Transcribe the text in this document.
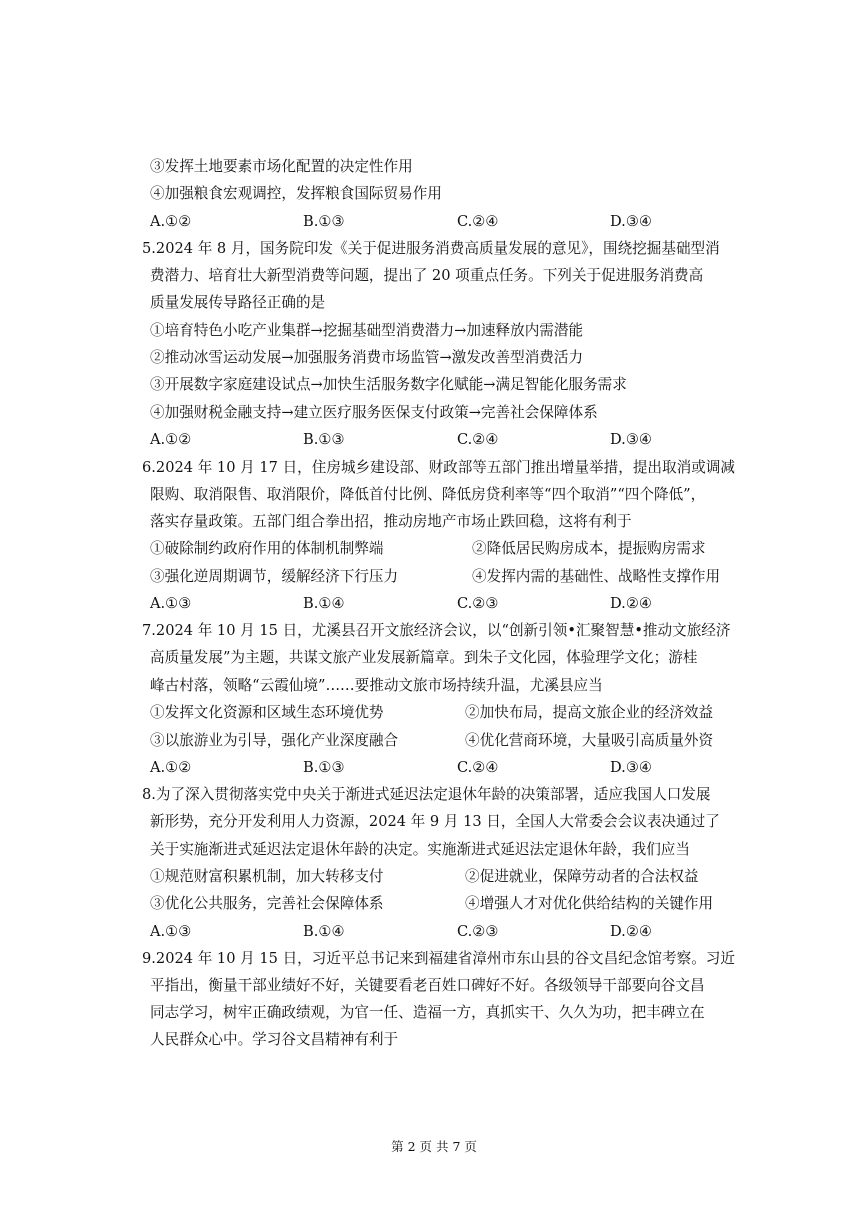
③发挥土地要素市场化配置的决定性作用
④加强粮食宏观调控，发挥粮食国际贸易作用
A.①②	B.①③	C.②④	D.③④
5.2024 年 8 月，国务院印发《关于促进服务消费高质量发展的意见》，围绕挖掘基础型消
费潜力、培育壮大新型消费等问题，提出了 20 项重点任务。下列关于促进服务消费高
质量发展传导路径正确的是
①培育特色小吃产业集群→挖掘基础型消费潜力→加速释放内需潜能
②推动冰雪运动发展→加强服务消费市场监管→激发改善型消费活力
③开展数字家庭建设试点→加快生活服务数字化赋能→满足智能化服务需求
④加强财税金融支持→建立医疗服务医保支付政策→完善社会保障体系
A.①②	B.①③	C.②④	D.③④
6.2024 年 10 月 17 日，住房城乡建设部、财政部等五部门推出增量举措，提出取消或调减
限购、取消限售、取消限价，降低首付比例、降低房贷利率等“四个取消”“四个降低”，
落实存量政策。五部门组合拳出招，推动房地产市场止跌回稳，这将有利于
①破除制约政府作用的体制机制弊端	②降低居民购房成本，提振购房需求
③强化逆周期调节，缓解经济下行压力	④发挥内需的基础性、战略性支撑作用
A.①③	B.①④	C.②③	D.②④
7.2024 年 10 月 15 日，尤溪县召开文旅经济会议，以“创新引领•汇聚智慧•推动文旅经济
高质量发展”为主题，共谋文旅产业发展新篇章。到朱子文化园，体验理学文化；游桂
峰古村落，领略“云霞仙境”……要推动文旅市场持续升温，尤溪县应当
①发挥文化资源和区域生态环境优势	②加快布局，提高文旅企业的经济效益
③以旅游业为引导，强化产业深度融合	④优化营商环境，大量吸引高质量外资
A.①②	B.①③	C.②④	D.③④
8.为了深入贯彻落实党中央关于渐进式延迟法定退休年龄的决策部署，适应我国人口发展
新形势，充分开发利用人力资源，2024 年 9 月 13 日，全国人大常委会会议表决通过了
关于实施渐进式延迟法定退休年龄的决定。实施渐进式延迟法定退休年龄，我们应当
①规范财富积累机制，加大转移支付	②促进就业，保障劳动者的合法权益
③优化公共服务，完善社会保障体系	④增强人才对优化供给结构的关键作用
A.①③	B.①④	C.②③	D.②④
9.2024 年 10 月 15 日，习近平总书记来到福建省漳州市东山县的谷文昌纪念馆考察。习近
平指出，衡量干部业绩好不好，关键要看老百姓口碑好不好。各级领导干部要向谷文昌
同志学习，树牢正确政绩观，为官一任、造福一方，真抓实干、久久为功，把丰碑立在
人民群众心中。学习谷文昌精神有利于
第 2 页 共 7 页
